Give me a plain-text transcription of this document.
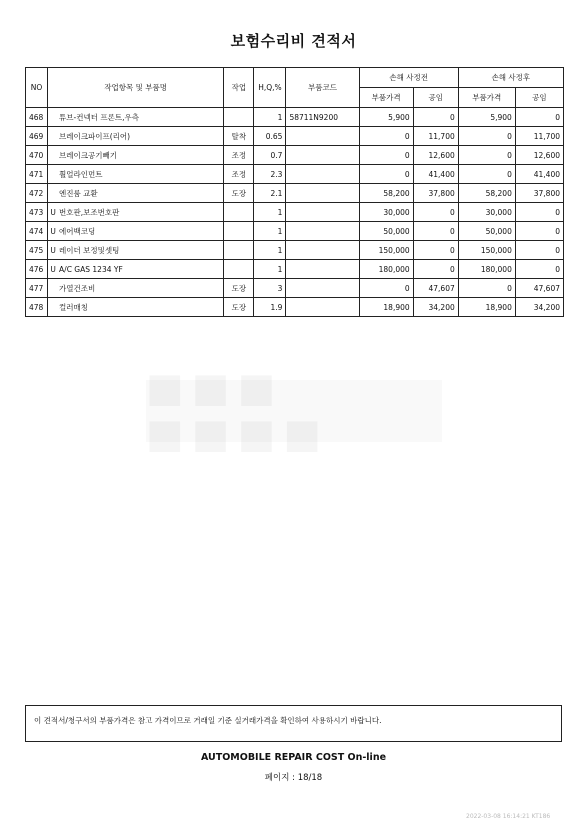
보험수리비 견적서
NO	작업항목 및 부품명	작업	H,Q,%	부품코드	손해 사정전		손해 사정후	
					부품가격	공임	부품가격	공임
468	튜브-컨넥터 프론트,우측		1	58711N9200	5,900	0	5,900	0
469	브레이크파이프(리어)	탈착	0.65		0	11,700	0	11,700
470	브레이크공기빼기	조정	0.7		0	12,600	0	12,600
471	휠얼라인먼트	조정	2.3		0	41,400	0	41,400
472	엔진룸 교환	도장	2.1		58,200	37,800	58,200	37,800
473 U	번호판,보조번호판		1		30,000	0	30,000	0
474 U	에어백코딩		1		50,000	0	50,000	0
475 U	레이더 보정및셋팅		1		150,000	0	150,000	0
476 U	A/C GAS 1234 YF		1		180,000	0	180,000	0
477	가열건조비	도장	3		0	47,607	0	47,607
478	컬러매칭	도장	1.9		18,900	34,200	18,900	34,200
이 견적서/청구서의 부품가격은 참고 가격이므로 거래일 기준 실거래가격을 확인하여 사용하시기 바랍니다.
AUTOMOBILE REPAIR COST On-line
페이지 : 18/18
2022-03-08 16:14:21 KT186
